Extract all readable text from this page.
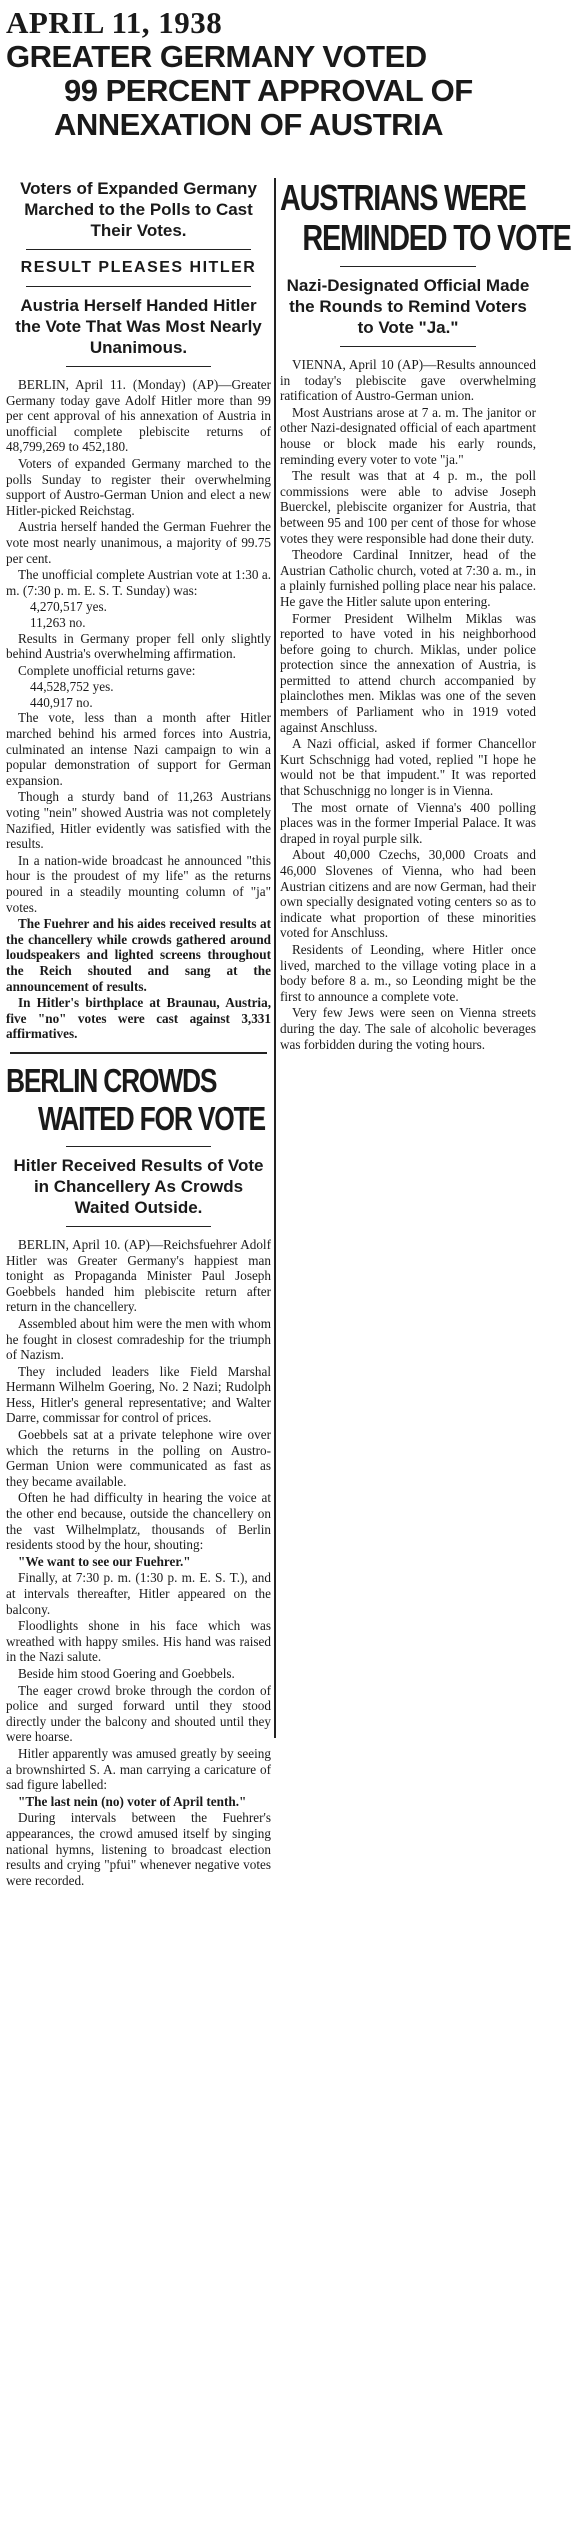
APRIL 11, 1938
GREATER GERMANY VOTED
99 PERCENT APPROVAL OF
ANNEXATION OF AUSTRIA
Voters of Expanded Germany Marched to the Polls to Cast Their Votes.
RESULT PLEASES HITLER
Austria Herself Handed Hitler the Vote That Was Most Nearly Unanimous.

BERLIN, April 11. (Monday) (AP)—Greater Germany today gave Adolf Hitler more than 99 per cent approval of his annexation of Austria in unofficial complete plebiscite returns of 48,799,269 to 452,180.

Voters of expanded Germany marched to the polls Sunday to register their overwhelming support of Austro-German Union and elect a new Hitler-picked Reichstag.

Austria herself handed the German Fuehrer the vote most nearly unanimous, a majority of 99.75 per cent.

The unofficial complete Austrian vote at 1:30 a. m. (7:30 p. m. E. S. T. Sunday) was:

4,270,517 yes.

11,263 no.

Results in Germany proper fell only slightly behind Austria's overwhelming affirmation.

Complete unofficial returns gave:

44,528,752 yes.

440,917 no.

The vote, less than a month after Hitler marched behind his armed forces into Austria, culminated an intense Nazi campaign to win a popular demonstration of support for German expansion.

Though a sturdy band of 11,263 Austrians voting "nein" showed Austria was not completely Nazified, Hitler evidently was satisfied with the results.

In a nation-wide broadcast he announced "this hour is the proudest of my life" as the returns poured in a steadily mounting column of "ja" votes.

The Fuehrer and his aides received results at the chancellery while crowds gathered around loudspeakers and lighted screens throughout the Reich shouted and sang at the announcement of results.

In Hitler's birthplace at Braunau, Austria, five "no" votes were cast against 3,331 affirmatives.

BERLIN CROWDS
WAITED FOR VOTE
Hitler Received Results of Vote in Chancellery As Crowds Waited Outside.

BERLIN, April 10. (AP)—Reichsfuehrer Adolf Hitler was Greater Germany's happiest man tonight as Propaganda Minister Paul Joseph Goebbels handed him plebiscite return after return in the chancellery.

Assembled about him were the men with whom he fought in closest comradeship for the triumph of Nazism.

They included leaders like Field Marshal Hermann Wilhelm Goering, No. 2 Nazi; Rudolph Hess, Hitler's general representative; and Walter Darre, commissar for control of prices.

Goebbels sat at a private telephone wire over which the returns in the polling on Austro-German Union were communicated as fast as they became available.

Often he had difficulty in hearing the voice at the other end because, outside the chancellery on the vast Wilhelmplatz, thousands of Berlin residents stood by the hour, shouting:

"We want to see our Fuehrer."

Finally, at 7:30 p. m. (1:30 p. m. E. S. T.), and at intervals thereafter, Hitler appeared on the balcony.

Floodlights shone in his face which was wreathed with happy smiles. His hand was raised in the Nazi salute.

Beside him stood Goering and Goebbels.

The eager crowd broke through the cordon of police and surged forward until they stood directly under the balcony and shouted until they were hoarse.

Hitler apparently was amused greatly by seeing a brownshirted S. A. man carrying a caricature of sad figure labelled:

"The last nein (no) voter of April tenth."

During intervals between the Fuehrer's appearances, the crowd amused itself by singing national hymns, listening to broadcast election results and crying "pfui" whenever negative votes were recorded.

AUSTRIANS WERE
REMINDED TO VOTE
Nazi-Designated Official Made the Rounds to Remind Voters to Vote "Ja."

VIENNA, April 10 (AP)—Results announced in today's plebiscite gave overwhelming ratification of Austro-German union.

Most Austrians arose at 7 a. m. The janitor or other Nazi-designated official of each apartment house or block made his early rounds, reminding every voter to vote "ja."

The result was that at 4 p. m., the poll commissions were able to advise Joseph Buerckel, plebiscite organizer for Austria, that between 95 and 100 per cent of those for whose votes they were responsible had done their duty.

Theodore Cardinal Innitzer, head of the Austrian Catholic church, voted at 7:30 a. m., in a plainly furnished polling place near his palace. He gave the Hitler salute upon entering.

Former President Wilhelm Miklas was reported to have voted in his neighborhood before going to church. Miklas, under police protection since the annexation of Austria, is permitted to attend church accompanied by plainclothes men. Miklas was one of the seven members of Parliament who in 1919 voted against Anschluss.

A Nazi official, asked if former Chancellor Kurt Schschnigg had voted, replied "I hope he would not be that impudent." It was reported that Schuschnigg no longer is in Vienna.

The most ornate of Vienna's 400 polling places was in the former Imperial Palace. It was draped in royal purple silk.

About 40,000 Czechs, 30,000 Croats and 46,000 Slovenes of Vienna, who had been Austrian citizens and are now German, had their own specially designated voting centers so as to indicate what proportion of these minorities voted for Anschluss.

Residents of Leonding, where Hitler once lived, marched to the village voting place in a body before 8 a. m., so Leonding might be the first to announce a complete vote.

Very few Jews were seen on Vienna streets during the day. The sale of alcoholic beverages was forbidden during the voting hours.
